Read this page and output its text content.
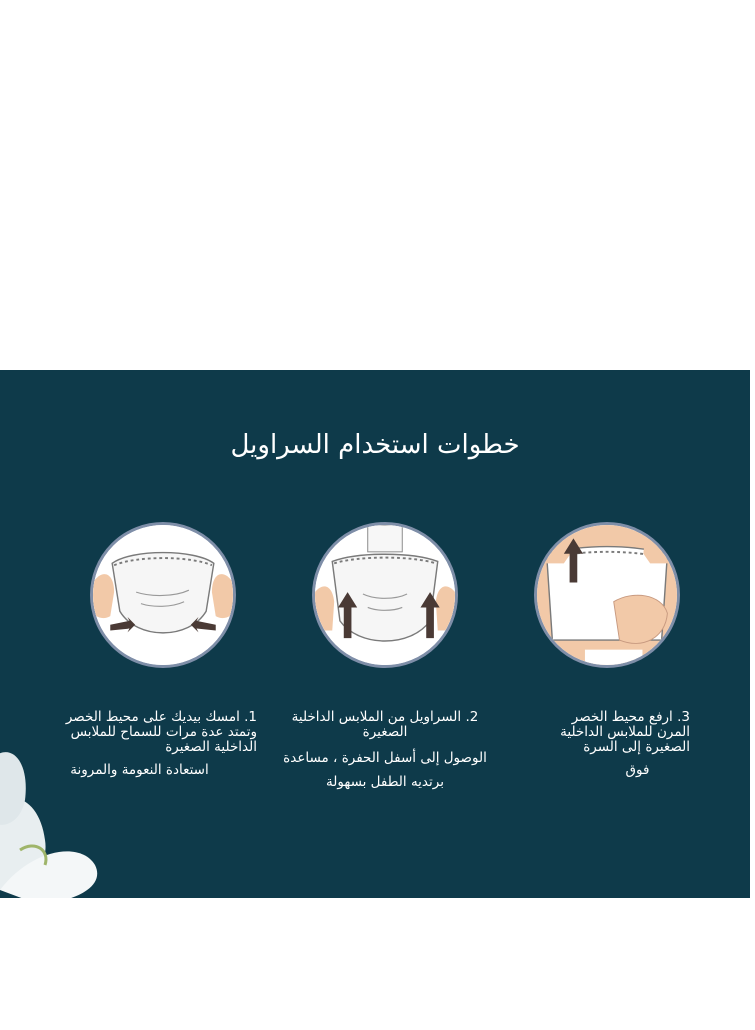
خطوات استخدام السراويل
1. امسك بيديك على محيط الخصر وتمتد عدة مرات للسماح للملابس الداخلية الصغيرة
استعادة النعومة والمرونة
2. السراويل من الملابس الداخلية الصغيرة
الوصول إلى أسفل الحفرة ، مساعدة
برتديه الطفل بسهولة
3. ارفع محيط الخصر المرن للملابس الداخلية الصغيرة إلى السرة
فوق
